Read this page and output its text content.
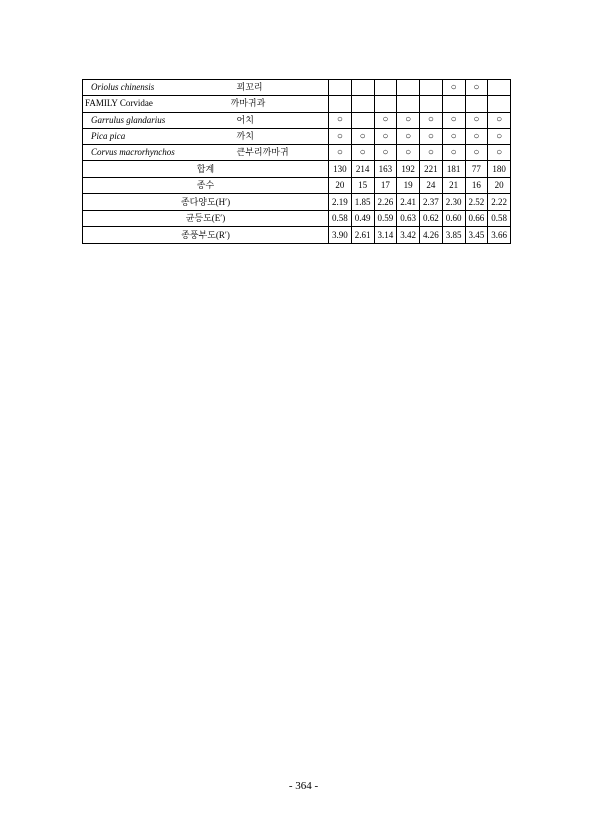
Oriolus chinensis	꾀꼬리						○	○	
FAMILY Corvidae	까마귀과								
Garrulus glandarius	어치	○		○	○	○	○	○	○
Pica pica	까치	○	○	○	○	○	○	○	○
Corvus macrorhynchos	큰부리까마귀	○	○	○	○	○	○	○	○
합계		130	214	163	192	221	181	77	180
종수		20	15	17	19	24	21	16	20
종다양도(H′)		2.19	1.85	2.26	2.41	2.37	2.30	2.52	2.22
균등도(E′)		0.58	0.49	0.59	0.63	0.62	0.60	0.66	0.58
종풍부도(R′)		3.90	2.61	3.14	3.42	4.26	3.85	3.45	3.66
- 364 -
